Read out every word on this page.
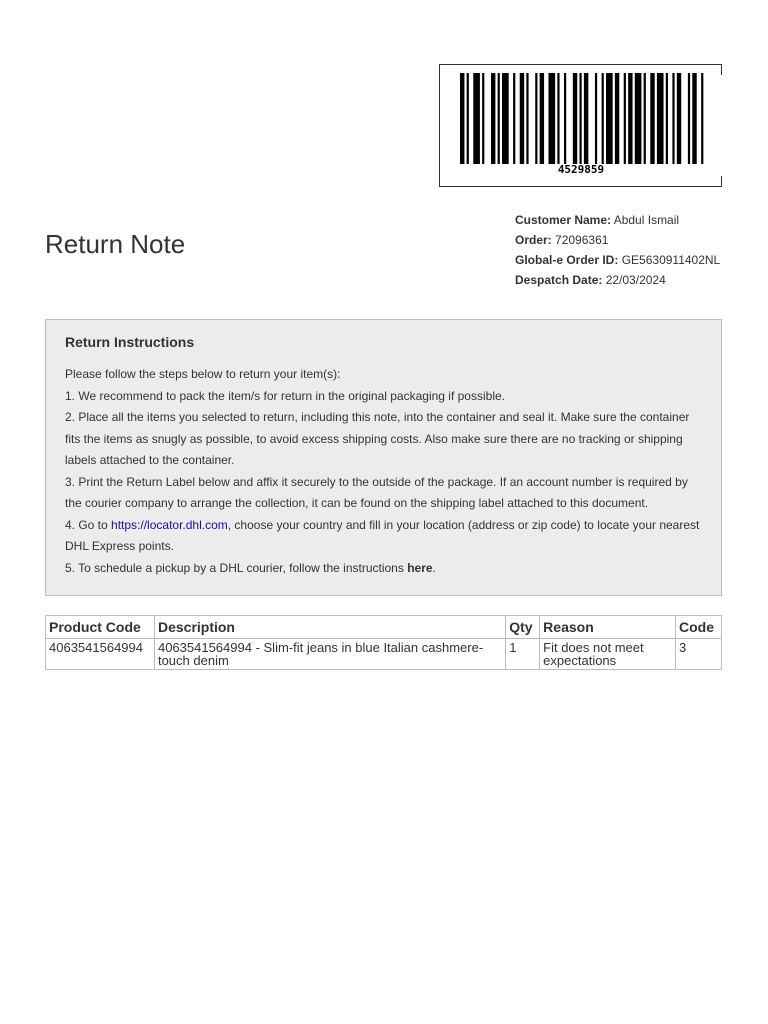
4529859
Return Note
Customer Name: Abdul Ismail
Order: 72096361
Global-e Order ID: GE5630911402NL
Despatch Date: 22/03/2024
Return Instructions

Please follow the steps below to return your item(s):

1. We recommend to pack the item/s for return in the original packaging if possible.

2. Place all the items you selected to return, including this note, into the container and seal it. Make sure the container fits the items as snugly as possible, to avoid excess shipping costs. Also make sure there are no tracking or shipping labels attached to the container.

3. Print the Return Label below and affix it securely to the outside of the package. If an account number is required by the courier company to arrange the collection, it can be found on the shipping label attached to this document.

4. Go to https://locator.dhl.com, choose your country and fill in your location (address or zip code) to locate your nearest DHL Express points.

5. To schedule a pickup by a DHL courier, follow the instructions here.

Product Code	Description	Qty	Reason	Code
4063541564994	4063541564994 - Slim-fit jeans in blue Italian cashmere-touch denim	1	Fit does not meet expectations	3
